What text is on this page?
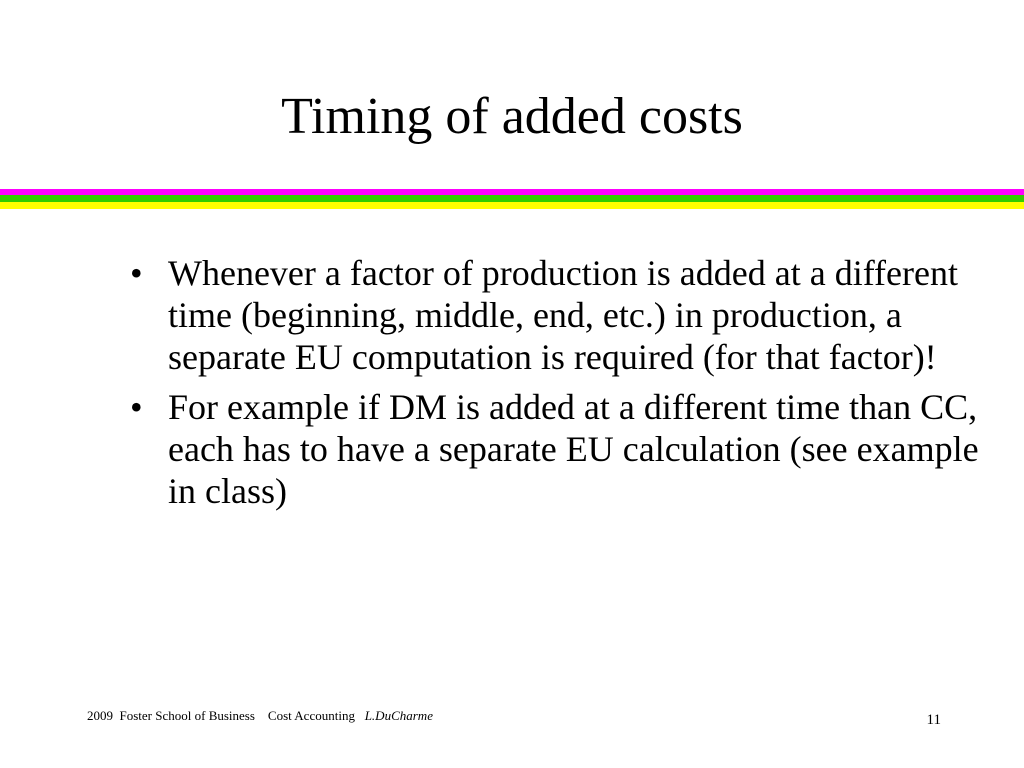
Timing of added costs
• Whenever a factor of production is added at a different time (beginning, middle, end, etc.) in production, a separate EU computation is required (for that factor)!
• For example if DM is added at a different time than CC, each has to have a separate EU calculation (see example in class)
2009  Foster School of Business    Cost Accounting   L.DuCharme	11
